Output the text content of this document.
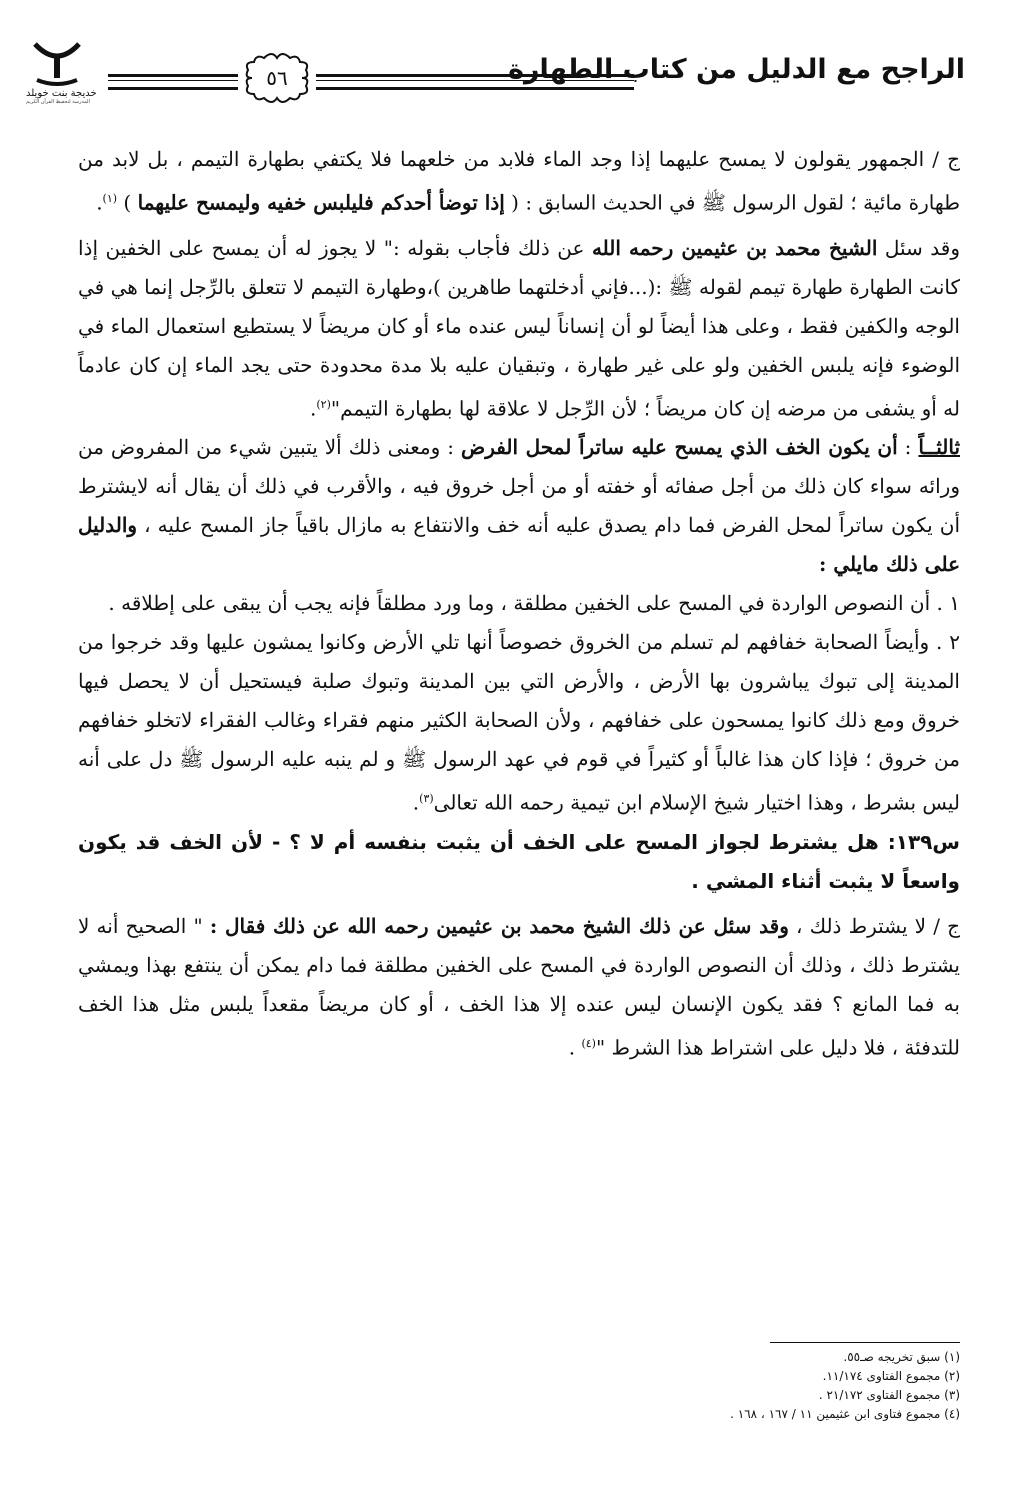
خديجة بنت خويلد
المدرسة لتحفيظ القرآن الكريم
٥٦	الراجح مع الدليل من كتاب الطهارة

ج / الجمهور يقولون لا يمسح عليهما إذا وجد الماء فلابد من خلعهما فلا يكتفي بطهارة التيمم ، بل لابد من طهارة مائية ؛ لقول الرسول ﷺ في الحديث السابق : ( إذا توضأ أحدكم فليلبس خفيه وليمسح عليهما ) $^{(١)}$.

وقد سئل الشيخ محمد بن عثيمين رحمه الله عن ذلك فأجاب بقوله :" لا يجوز له أن يمسح على الخفين إذا كانت الطهارة طهارة تيمم لقوله ﷺ :(...فإني أدخلتهما طاهرين )،وطهارة التيمم لا تتعلق بالرِّجل إنما هي في الوجه والكفين فقط ، وعلى هذا أيضاً لو أن إنساناً ليس عنده ماء أو كان مريضاً لا يستطيع استعمال الماء في الوضوء فإنه يلبس الخفين ولو على غير طهارة ، وتبقيان عليه بلا مدة محدودة حتى يجد الماء إن كان عادماً له أو يشفى من مرضه إن كان مريضاً ؛ لأن الرِّجل لا علاقة لها بطهارة التيمم"$^{(٢)}$.

ثالثــاً : أن يكون الخف الذي يمسح عليه ساتراً لمحل الفرض : ومعنى ذلك ألا يتبين شيء من المفروض من ورائه سواء كان ذلك من أجل صفائه أو خفته أو من أجل خروق فيه ، والأقرب في ذلك أن يقال أنه لايشترط أن يكون ساتراً لمحل الفرض فما دام يصدق عليه أنه خف والانتفاع به مازال باقياً جاز المسح عليه ، والدليل على ذلك مايلي :

١ . أن النصوص الواردة في المسح على الخفين مطلقة ، وما ورد مطلقاً فإنه يجب أن يبقى على إطلاقه .

٢ . وأيضاً الصحابة خفافهم لم تسلم من الخروق خصوصاً أنها تلي الأرض وكانوا يمشون عليها وقد خرجوا من المدينة إلى تبوك يباشرون بها الأرض ، والأرض التي بين المدينة وتبوك صلبة فيستحيل أن لا يحصل فيها خروق ومع ذلك كانوا يمسحون على خفافهم ، ولأن الصحابة الكثير منهم فقراء وغالب الفقراء لاتخلو خفافهم من خروق ؛ فإذا كان هذا غالباً أو كثيراً في قوم في عهد الرسول ﷺ و لم ينبه عليه الرسول ﷺ دل على أنه ليس بشرط ، وهذا اختيار شيخ الإسلام ابن تيمية رحمه الله تعالى$^{(٣)}$.

س١٣٩: هل يشترط لجواز المسح على الخف أن يثبت بنفسه أم لا ؟ - لأن الخف قد يكون واسعاً لا يثبت أثناء المشي .

ج / لا يشترط ذلك ، وقد سئل عن ذلك الشيخ محمد بن عثيمين رحمه الله عن ذلك فقال : " الصحيح أنه لا يشترط ذلك ، وذلك أن النصوص الواردة في المسح على الخفين مطلقة فما دام يمكن أن ينتفع بهذا ويمشي به فما المانع ؟ فقد يكون الإنسان ليس عنده إلا هذا الخف ، أو كان مريضاً مقعداً يلبس مثل هذا الخف للتدفئة ، فلا دليل على اشتراط هذا الشرط "$^{(٤)}$ .

(١) سبق تخريجه صـ٥٥.
(٢) مجموع الفتاوى ١١/١٧٤.
(٣) مجموع الفتاوى ٢١/١٧٢ .
(٤) مجموع فتاوى ابن عثيمين ١١ / ١٦٧ ، ١٦٨ .
